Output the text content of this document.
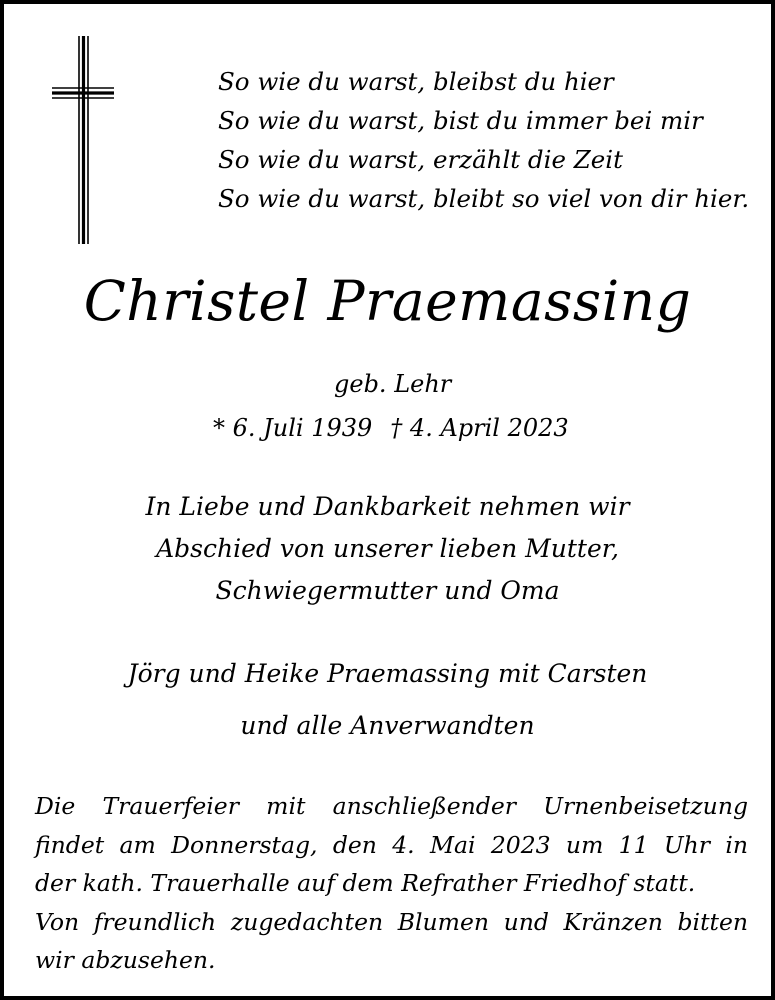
So wie du warst, bleibst du hier
So wie du warst, bist du immer bei mir
So wie du warst, erzählt die Zeit
So wie du warst, bleibt so viel von dir hier.
Christel Praemassing
geb. Lehr
* 6. Juli 1939 † 4. April 2023
In Liebe und Dankbarkeit nehmen wir
Abschied von unserer lieben Mutter,
Schwiegermutter und Oma
Jörg und Heike Praemassing mit Carsten
und alle Anverwandten
Die Trauerfeier mit anschließender Urnenbeisetzung
findet am Donnerstag, den 4. Mai 2023 um 11 Uhr in
der kath. Trauerhalle auf dem Refrather Friedhof statt.
Von freundlich zugedachten Blumen und Kränzen bitten
wir abzusehen.
